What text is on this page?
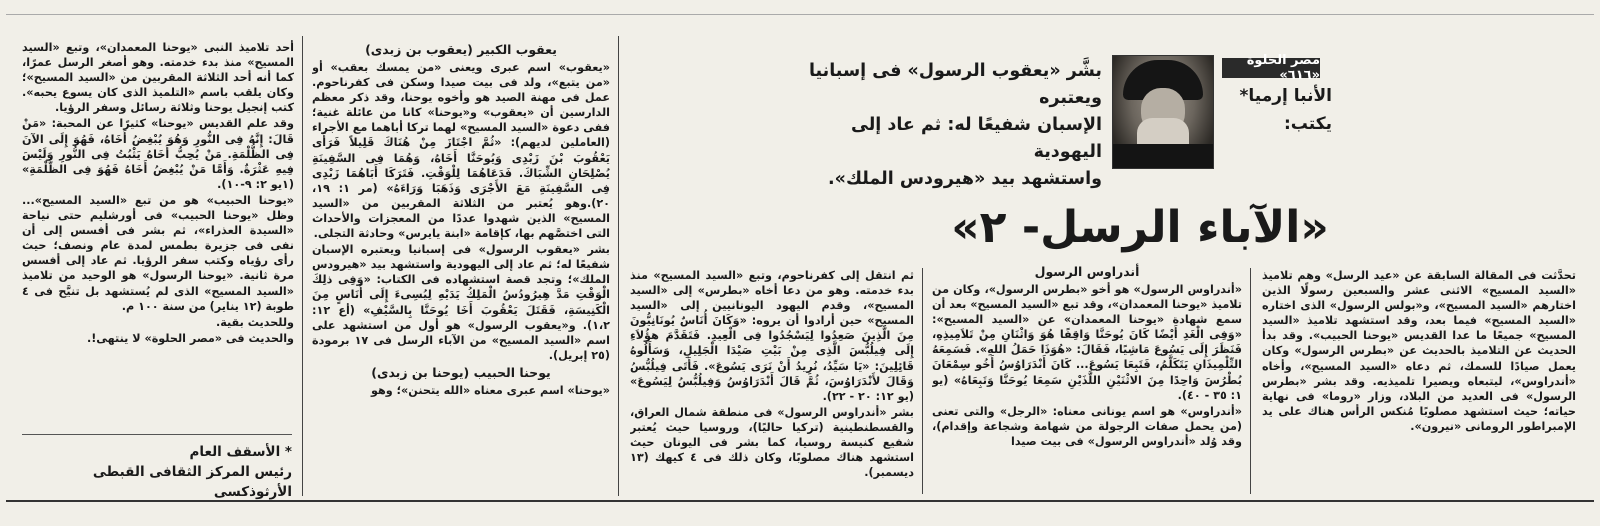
مصر الحلوة «٦١٦»
الأنبا إرميا*
يكتب:
بشَّر «يعقوب الرسول» فى إسبانيا ويعتبره
الإسبان شفيعًا له: ثم عاد إلى اليهودية
واستشهد بيد «هيرودس الملك».
«الآباء الرسل- ٢»

تحدَّثت فى المقالة السابقة عن «عيد الرسل» وهم تلاميذ «السيد المسيح» الاثنى عشر والسبعين رسولًا الذين اختارهم «السيد المسيح»، و«بولس الرسول» الذى اختاره «السيد المسيح» فيما بعد، وقد استشهد تلاميذ «السيد المسيح» جميعًا ما عدا القديس «يوحنا الحبيب». وقد بدأ الحديث عن التلاميذ بالحديث عن «بطرس الرسول» وكان يعمل صيادًا للسمك، ثم دعاه «السيد المسيح»، وأخاه «أندراوس»، ليتبعاه ويصيرا تلميذيه. وقد بشر «بطرس الرسول» فى العديد من البلاد، وزار «روما» فى نهاية حياته؛ حيث استشهد مصلوبًا مُنكس الرأس هناك على يد الإمبراطور الرومانى «نيرون».

أندراوس الرسول

«أندراوس الرسول» هو أخو «بطرس الرسول»، وكان من تلاميذ «يوحنا المعمدان»، وقد تبع «السيد المسيح» بعد أن سمع شهادة «يوحنا المعمدان» عن «السيد المسيح»: «وَفِى الْغَدِ أَيْضًا كَانَ يُوحَنَّا وَاقِفًا هُوَ وَاثْنَانِ مِنْ تَلاَمِيذِهِ، فَنَظَرَ إِلَى يَسُوعَ مَاشِيًا، فَقَالَ: «هُوَذَا حَمَلُ اللهِ». فَسَمِعَهُ التِّلْمِيذَانِ يَتَكَلَّمُ، فَتَبِعَا يَسُوعَ... كَانَ أَنْدَرَاوُسُ أَخُو سِمْعَانَ بُطْرُسَ وَاحِدًا مِنَ الاثْنَيْنِ اللَّذَيْنِ سَمِعَا يُوحَنَّا وَتَبِعَاهُ» (يو ١: ٣٥ - ٤٠).

«أندراوس» هو اسم يونانى معناه: «الرجل» والتى تعنى (من يحمل صفات الرجولة من شهامة وشجاعة وإقدام)، وقد وُلد «أندراوس الرسول» فى بيت صيدا

ثم انتقل إلى كفرناحوم، وتبع «السيد المسيح» منذ بدء خدمته. وهو من دعا أخاه «بطرس» إلى «السيد المسيح»، وقدم اليهود اليونانيين إلى «السيد المسيح» حين أرادوا أن يروه: «وَكَانَ أُنَاسٌ يُونَانِيُّونَ مِنَ الَّذِينَ صَعِدُوا لِيَسْجُدُوا فِى الْعِيدِ. فَتَقَدَّمَ هؤُلاَءِ إِلَى فِيلُبُّسَ الَّذِى مِنْ بَيْتِ صَيْدَا الْجَلِيلِ، وَسَأَلُوهُ قَائِلِينَ: «يَا سَيِّدُ، نُرِيدُ أَنْ نَرَى يَسُوعَ». فَأَتَى فِيلُبُّسُ وَقَالَ لأَنْدَرَاوُسَ، ثُمَّ قَالَ أَنْدَرَاوُسُ وَفِيلُبُّسُ لِيَسُوعَ» (يو ١٢: ٢٠ - ٢٢).

بشر «أندراوس الرسول» فى منطقة شمال العراق، والقسطنطينية (تركيا حاليًا)، وروسيا حيث يُعتبر شفيع كنيسة روسيا، كما بشر فى اليونان حيث استشهد هناك مصلوبًا، وكان ذلك فى ٤ كيهك (١٣ ديسمبر).

يعقوب الكبير (يعقوب بن زبدى)

«يعقوب» اسم عبرى ويعنى «من يمسك بعقب» أو «من يتبع»، ولد فى بيت صيدا وسكن فى كفرناحوم. عمل فى مهنة الصيد هو وأخوه يوحنا، وقد ذكر معظم الدارسين أن «يعقوب» و«يوحنا» كانا من عائلة غنية؛ ففى دعوة «السيد المسيح» لهما تركا أباهما مع الأجراء (العاملين لديهم): «ثُمَّ اجْتَازَ مِنْ هُنَاكَ قَلِيلاً فَرَأَى يَعْقُوبَ بْنَ زَبْدِى وَيُوحَنَّا أَخَاهُ، وَهُمَا فِى السَّفِينَةِ يُصْلِحَانِ الشِّبَاكَ. فَدَعَاهُمَا لِلْوَقْتِ. فَتَرَكَا أَبَاهُمَا زَبْدِى فِى السَّفِينَةِ مَعَ الأَجْرَى وَذَهَبَا وَرَاءَهُ» (مر ١: ١٩، ٢٠).وهو يُعتبر من الثلاثة المقربين من «السيد المسيح» الذين شهدوا عددًا من المعجزات والأحداث التى اختصَّهم بها، كإقامة «ابنة يايرس» وحادثة التجلى.

بشر «يعقوب الرسول» فى إسبانيا ويعتبره الإسبان شفيعًا له؛ ثم عاد إلى اليهودية واستشهد بيد «هيرودس الملك»؛ وتجد قصة استشهاده فى الكتاب: «وَفِى ذلِكَ الْوَقْتِ مَدَّ هِيرُودُسُ الْمَلِكُ يَدَيْهِ لِيُسِىءَ إِلَى أُنَاسٍ مِنَ الْكَنِيسَةِ، فَقَتَلَ يَعْقُوبَ أَخَا يُوحَنَّا بِالسَّيْفِ» (أع ١٢: ١،٢). و«يعقوب الرسول» هو أول من استشهد على اسم «السيد المسيح» من الآباء الرسل فى ١٧ برمودة (٢٥ إبريل).

يوحنا الحبيب (يوحنا بن زبدى)

«يوحنا» اسم عبرى معناه «الله يتحنن»؛ وهو

أحد تلاميذ النبى «يوحنا المعمدان»، وتبع «السيد المسيح» منذ بدء خدمته. وهو أصغر الرسل عمرًا، كما أنه أحد الثلاثة المقربين من «السيد المسيح»؛ وكان يلقب باسم «التلميذ الذى كان يسوع يحبه». كتب إنجيل يوحنا وثلاثة رسائل وسفر الرؤيا.

وقد علم القديس «يوحنا» كثيرًا عن المحبة: «مَنْ قَالَ: إِنَّهُ فِى النُّورِ وَهُوَ يُبْغِضُ أَخَاهُ، فَهُوَ إِلَى الآنَ فِى الظُّلْمَةِ. مَنْ يُحِبُّ أَخَاهُ يَثْبُتُ فِى النُّورِ وَلَيْسَ فِيهِ عَثْرَةٌ. وَأَمَّا مَنْ يُبْغِضُ أَخَاهُ فَهُوَ فِى الظُّلْمَةِ» (١يو ٢: ٩-١٠).

«يوحنا الحبيب» هو من تبع «السيد المسيح»... وظل «يوحنا الحبيب» فى أورشليم حتى نياحة «السيدة العذراء»، ثم بشر فى أفسس إلى أن نفى فى جزيرة بطمس لمدة عام ونصف؛ حيث رأى رؤياه وكتب سفر الرؤيا. ثم عاد إلى أفسس مرة ثانية. «يوحنا الرسول» هو الوحيد من تلاميذ «السيد المسيح» الذى لم يُستشهد بل تنيَّح فى ٤ طوبة (١٢ يناير) من سنة ١٠٠ م.

وللحديث بقية.

والحديث فى «مصر الحلوة» لا ينتهى!.

* الأسقف العام
رئيس المركز الثقافى القبطى الأرثوذكسى
